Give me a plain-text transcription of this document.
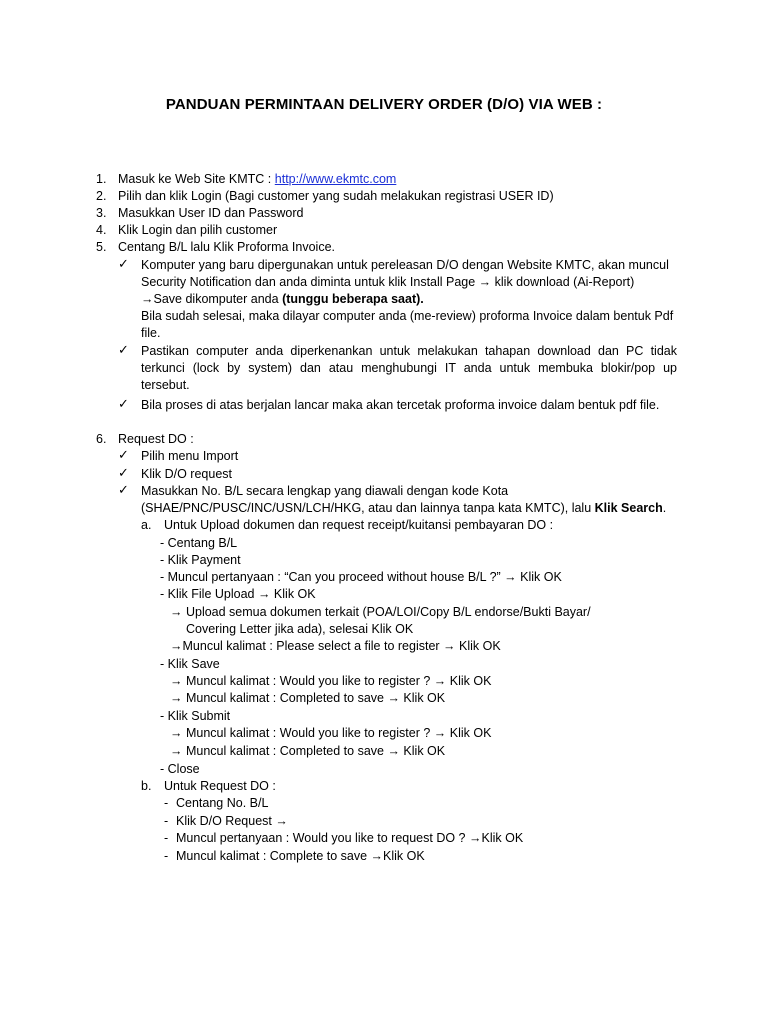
PANDUAN PERMINTAAN DELIVERY ORDER (D/O) VIA WEB :
1. Masuk ke Web Site KMTC : http://www.ekmtc.com
2. Pilih dan klik Login (Bagi customer yang sudah melakukan registrasi USER ID)
3. Masukkan User ID dan Password
4. Klik Login dan pilih customer
5. Centang B/L lalu Klik Proforma Invoice.
✓ Komputer yang baru dipergunakan untuk pereleasan D/O dengan Website KMTC, akan muncul
Security Notification dan anda diminta untuk klik Install Page → klik download (Ai-Report)
→Save dikomputer anda (tunggu beberapa saat).
Bila sudah selesai, maka dilayar computer anda (me-review) proforma Invoice dalam bentuk Pdf
file.
✓ Pastikan computer anda diperkenankan untuk melakukan tahapan download dan PC tidak
terkunci (lock by system) dan atau menghubungi IT anda untuk membuka blokir/pop up
tersebut.
✓ Bila proses di atas berjalan lancar maka akan tercetak proforma invoice dalam bentuk pdf file.
6. Request DO :
✓ Pilih menu Import
✓ Klik D/O request
✓ Masukkan No. B/L secara lengkap yang diawali dengan kode Kota
(SHAE/PNC/PUSC/INC/USN/LCH/HKG, atau dan lainnya tanpa kata KMTC), lalu Klik Search.
a. Untuk Upload dokumen dan request receipt/kuitansi pembayaran DO :
- Centang B/L
- Klik Payment
- Muncul pertanyaan : “Can you proceed without house B/L ?” → Klik OK
- Klik File Upload → Klik OK
→ Upload semua dokumen terkait (POA/LOI/Copy B/L endorse/Bukti Bayar/
Covering Letter jika ada), selesai Klik OK
→Muncul kalimat : Please select a file to register → Klik OK
- Klik Save
→ Muncul kalimat : Would you like to register ? → Klik OK
→ Muncul kalimat : Completed to save → Klik OK
- Klik Submit
→ Muncul kalimat : Would you like to register ? → Klik OK
→ Muncul kalimat : Completed to save → Klik OK
- Close
b. Untuk Request DO :
- Centang No. B/L
- Klik D/O Request →
- Muncul pertanyaan : Would you like to request DO ? →Klik OK
- Muncul kalimat : Complete to save →Klik OK
